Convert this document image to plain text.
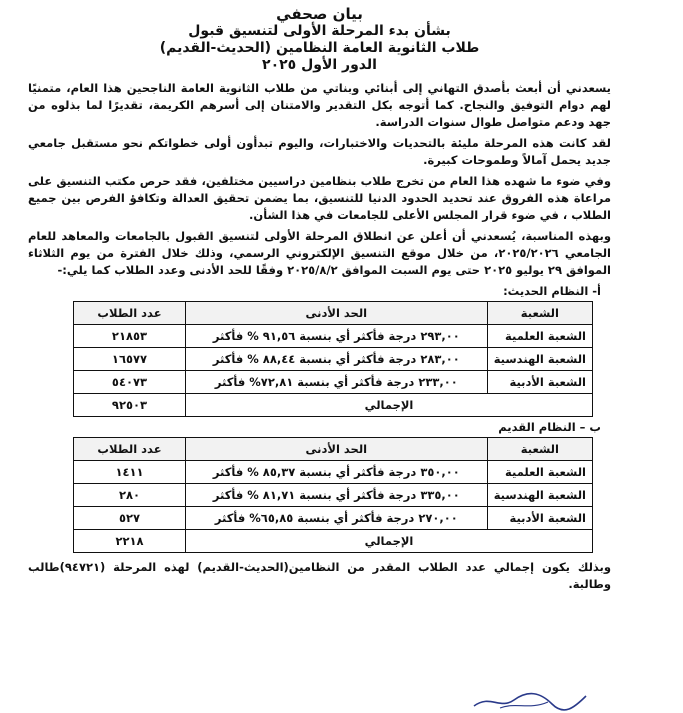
بيان صحفي
بشأن بدء المرحلة الأولى لتنسيق قبول
طلاب الثانوية العامة النظامين (الحديث-القديم)
الدور الأول ٢٠٢٥

يسعدني أن أبعث بأصدق التهاني إلى أبنائي وبناتي من طلاب الثانوية العامة الناجحين هذا العام، متمنيًا لهم دوام التوفيق والنجاح. كما أتوجه بكل التقدير والامتنان إلى أسرهم الكريمة، تقديرًا لما بذلوه من جهد ودعم متواصل طوال سنوات الدراسة.

لقد كانت هذه المرحلة مليئة بالتحديات والاختبارات، واليوم تبدأون أولى خطواتكم نحو مستقبل جامعي جديد يحمل آمالاً وطموحات كبيرة.

وفي ضوء ما شهده هذا العام من تخرج طلاب بنظامين دراسيين مختلفين، فقد حرص مكتب التنسيق على مراعاة هذه الفروق عند تحديد الحدود الدنيا للتنسيق، بما يضمن تحقيق العدالة وتكافؤ الفرص بين جميع الطلاب ، في ضوء قرار المجلس الأعلى للجامعات في هذا الشأن.

وبهذه المناسبة، يُسعدني أن أعلن عن انطلاق المرحلة الأولى لتنسيق القبول بالجامعات والمعاهد للعام الجامعي ٢٠٢٥/٢٠٢٦، من خلال موقع التنسيق الإلكتروني الرسمي، وذلك خلال الفترة من يوم الثلاثاء الموافق ٢٩ يوليو ٢٠٢٥ حتى يوم السبت الموافق ٢٠٢٥/٨/٢ وفقًا للحد الأدنى وعدد الطلاب كما يلي:-

أ- النظام الحديث:
الشعبة	الحد الأدنى	عدد الطلاب
الشعبة العلمية	٢٩٣,٠٠ درجة فأكثر أي بنسبة ٩١,٥٦ % فأكثر	٢١٨٥٣
الشعبة الهندسية	٢٨٣,٠٠ درجة فأكثر أي بنسبة ٨٨,٤٤ % فأكثر	١٦٥٧٧
الشعبة الأدبية	٢٣٣,٠٠ درجة فأكثر أي بنسبة ٧٢,٨١% فأكثر	٥٤٠٧٣
الإجمالي		٩٢٥٠٣
ب – النظام القديم
الشعبة	الحد الأدنى	عدد الطلاب
الشعبة العلمية	٣٥٠,٠٠ درجة فأكثر أي بنسبة ٨٥,٣٧ % فأكثر	١٤١١
الشعبة الهندسية	٣٣٥,٠٠ درجة فأكثر أي بنسبة ٨١,٧١ % فأكثر	٢٨٠
الشعبة الأدبية	٢٧٠,٠٠ درجة فأكثر أي بنسبة ٦٥,٨٥% فأكثر	٥٢٧
الإجمالي		٢٢١٨

وبذلك يكون إجمالي عدد الطلاب المقدر من النظامين(الحديث-القديم) لهذه المرحلة (٩٤٧٢١)طالب وطالبة.
